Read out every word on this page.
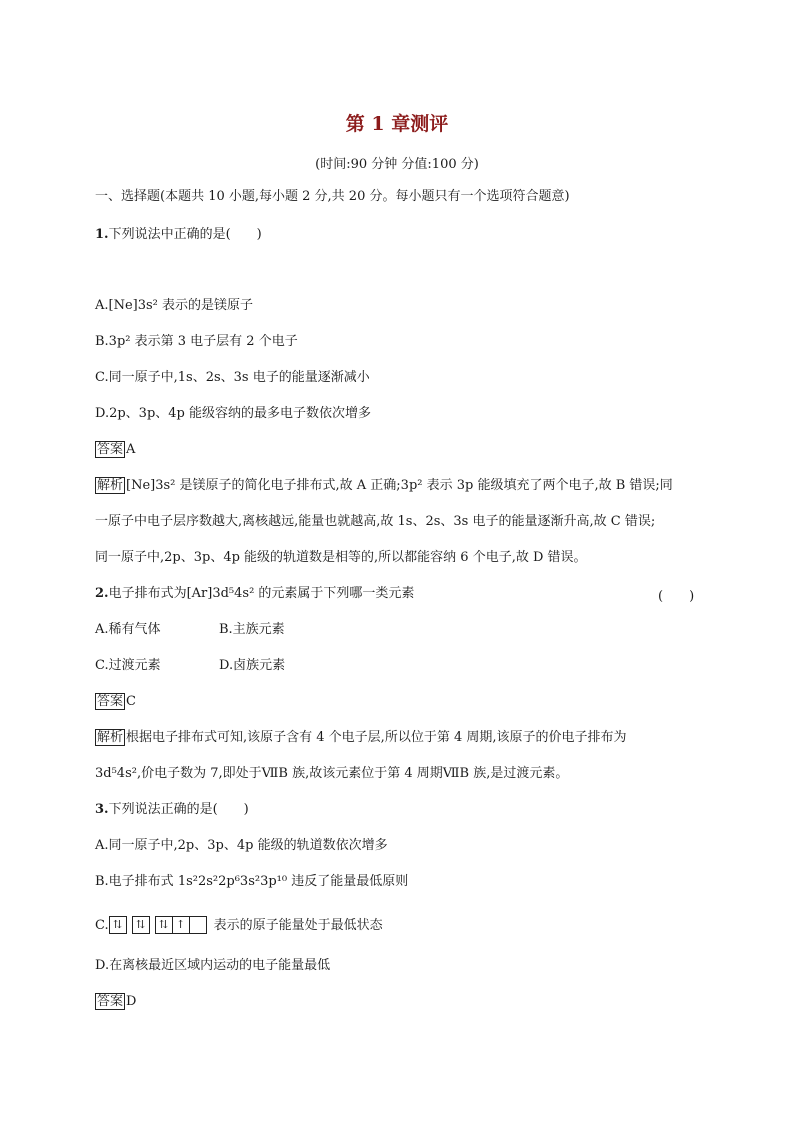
第 1 章测评
(时间:90 分钟 分值:100 分)
一、选择题(本题共 10 小题,每小题 2 分,共 20 分。每小题只有一个选项符合题意)
1.下列说法中正确的是(　　)
A.[Ne]3s² 表示的是镁原子
B.3p² 表示第 3 电子层有 2 个电子
C.同一原子中,1s、2s、3s 电子的能量逐渐减小
D.2p、3p、4p 能级容纳的最多电子数依次增多
答案 A
解析 [Ne]3s² 是镁原子的简化电子排布式,故 A 正确;3p² 表示 3p 能级填充了两个电子,故 B 错误;同
一原子中电子层序数越大,离核越远,能量也就越高,故 1s、2s、3s 电子的能量逐渐升高,故 C 错误;
同一原子中,2p、3p、4p 能级的轨道数是相等的,所以都能容纳 6 个电子,故 D 错误。
2.电子排布式为[Ar]3d⁵4s² 的元素属于下列哪一类元素	(　　)
A.稀有气体	B.主族元素
C.过渡元素	D.卤族元素
答案 C
解析 根据电子排布式可知,该原子含有 4 个电子层,所以位于第 4 周期,该原子的价电子排布为
3d⁵4s²,价电子数为 7,即处于ⅦB 族,故该元素位于第 4 周期ⅦB 族,是过渡元素。
3.下列说法正确的是(　　)
A.同一原子中,2p、3p、4p 能级的轨道数依次增多
B.电子排布式 1s²2s²2p⁶3s²3p¹⁰ 违反了能量最低原则
C. ⇅ ⇅ ⇅ ↑ 表示的原子能量处于最低状态
D.在离核最近区域内运动的电子能量最低
答案 D
